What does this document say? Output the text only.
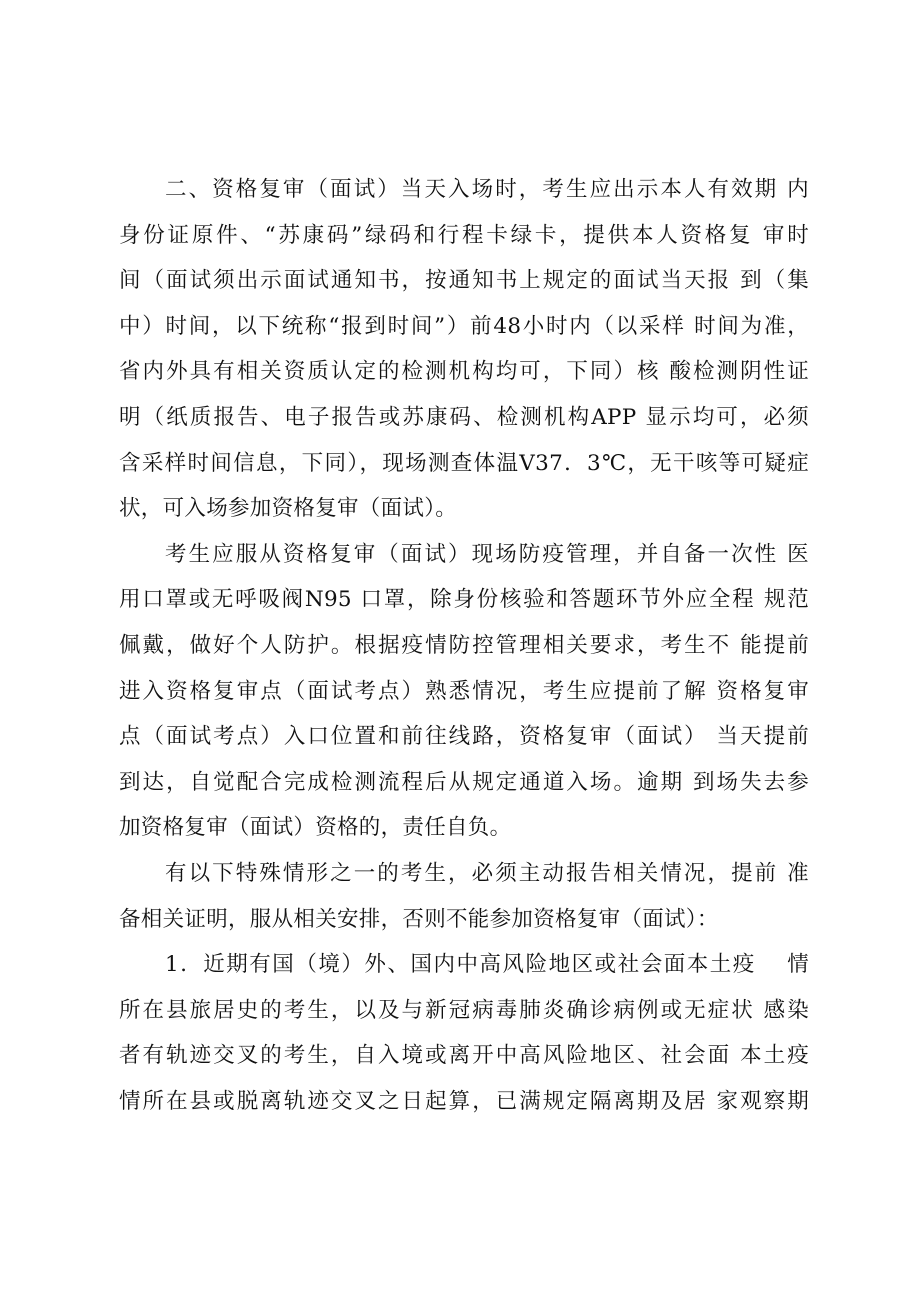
二、资格复审（面试）当天入场时，考生应出示本人有效期 内
身份证原件、“苏康码”绿码和行程卡绿卡，提供本人资格复 审时
间（面试须出示面试通知书，按通知书上规定的面试当天报 到（集
中）时间，以下统称“报到时间”）前48小时内（以采样 时间为准，
省内外具有相关资质认定的检测机构均可，下同）核 酸检测阴性证
明（纸质报告、电子报告或苏康码、检测机构APP 显示均可，必须
含采样时间信息，下同），现场测查体温V37．3℃，无干咳等可疑症
状，可入场参加资格复审（面试）。
考生应服从资格复审（面试）现场防疫管理，并自备一次性 医
用口罩或无呼吸阀N95 口罩，除身份核验和答题环节外应全程 规范
佩戴，做好个人防护。根据疫情防控管理相关要求，考生不 能提前
进入资格复审点（面试考点）熟悉情况，考生应提前了解 资格复审
点（面试考点）入口位置和前往线路，资格复审（面试） 当天提前
到达，自觉配合完成检测流程后从规定通道入场。逾期 到场失去参
加资格复审（面试）资格的，责任自负。
有以下特殊情形之一的考生，必须主动报告相关情况，提前 准
备相关证明，服从相关安排，否则不能参加资格复审（面试）：
1．近期有国（境）外、国内中高风险地区或社会面本土疫　 情
所在县旅居史的考生，以及与新冠病毒肺炎确诊病例或无症状 感染
者有轨迹交叉的考生，自入境或离开中高风险地区、社会面 本土疫
情所在县或脱离轨迹交叉之日起算，已满规定隔离期及居 家观察期
